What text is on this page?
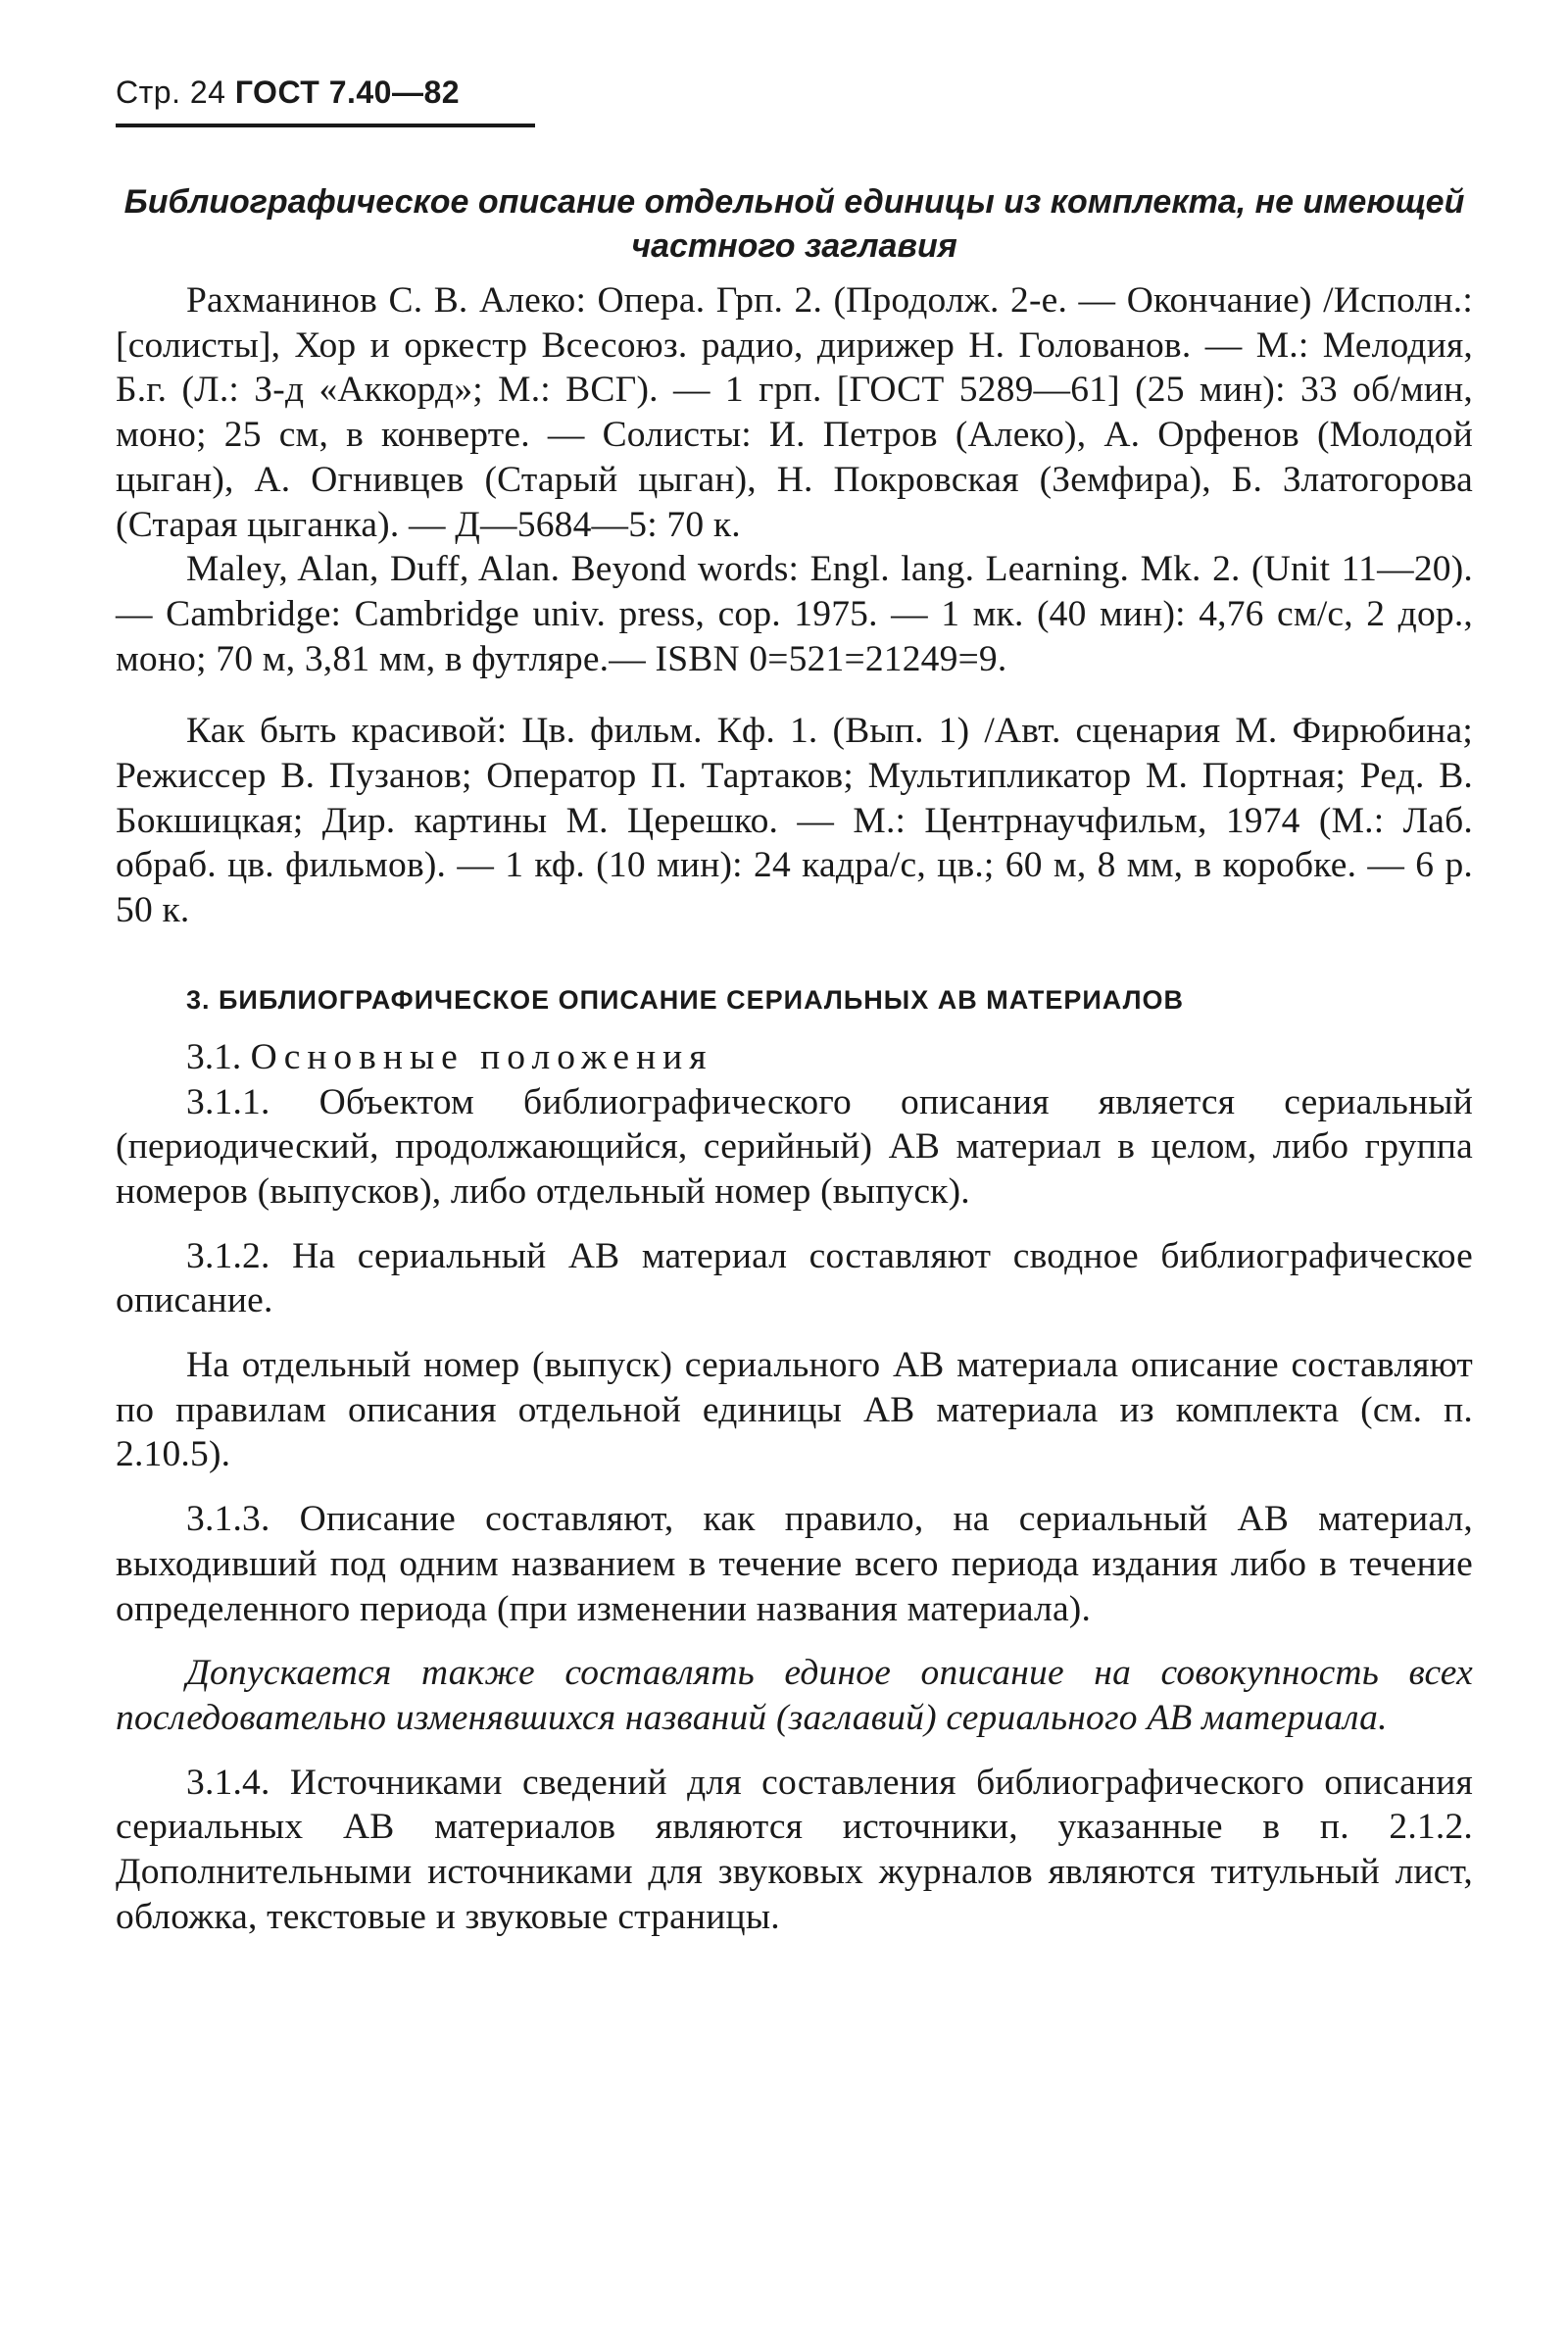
Стр. 24 ГОСТ 7.40—82
Библиографическое описание отдельной единицы из комплекта, не имеющей частного заглавия

Рахманинов С. В. Алеко: Опера. Грп. 2. (Продолж. 2-е. — Окончание) /Исполн.: [солисты], Хор и оркестр Всесоюз. радио, дирижер Н. Голованов. — М.: Мелодия, Б.г. (Л.: З-д «Аккорд»; М.: ВСГ). — 1 грп. [ГОСТ 5289—61] (25 мин): 33 об/мин, моно; 25 см, в конверте. — Солисты: И. Петров (Алеко), А. Орфенов (Молодой цыган), А. Огнивцев (Старый цыган), Н. Покровская (Земфира), Б. Златогорова (Старая цыганка). — Д—5684—5: 70 к.

Maley, Alan, Duff, Alan. Beyond words: Engl. lang. Learning. Mk. 2. (Unit 11—20). — Cambridge: Cambridge univ. press, cop. 1975. — 1 мк. (40 мин): 4,76 см/с, 2 дор., моно; 70 м, 3,81 мм, в футляре.— ISBN 0=521=21249=9.

Как быть красивой: Цв. фильм. Кф. 1. (Вып. 1) /Авт. сценария М. Фирюбина; Режиссер В. Пузанов; Оператор П. Тартаков; Мультипликатор М. Портная; Ред. В. Бокшицкая; Дир. картины М. Церешко. — М.: Центрнаучфильм, 1974 (М.: Лаб. обраб. цв. фильмов). — 1 кф. (10 мин): 24 кадра/с, цв.; 60 м, 8 мм, в коробке. — 6 р. 50 к.

3. БИБЛИОГРАФИЧЕСКОЕ ОПИСАНИЕ СЕРИАЛЬНЫХ АВ МАТЕРИАЛОВ
3.1. Основные положения

3.1.1. Объектом библиографического описания является сериальный (периодический, продолжающийся, серийный) АВ материал в целом, либо группа номеров (выпусков), либо отдельный номер (выпуск).

3.1.2. На сериальный АВ материал составляют сводное библиографическое описание.

На отдельный номер (выпуск) сериального АВ материала описание составляют по правилам описания отдельной единицы АВ материала из комплекта (см. п. 2.10.5).

3.1.3. Описание составляют, как правило, на сериальный АВ материал, выходивший под одним названием в течение всего периода издания либо в течение определенного периода (при изменении названия материала).

Допускается также составлять единое описание на совокупность всех последовательно изменявшихся названий (заглавий) сериального АВ материала.

3.1.4. Источниками сведений для составления библиографического описания сериальных АВ материалов являются источники, указанные в п. 2.1.2. Дополнительными источниками для звуковых журналов являются титульный лист, обложка, текстовые и звуковые страницы.
